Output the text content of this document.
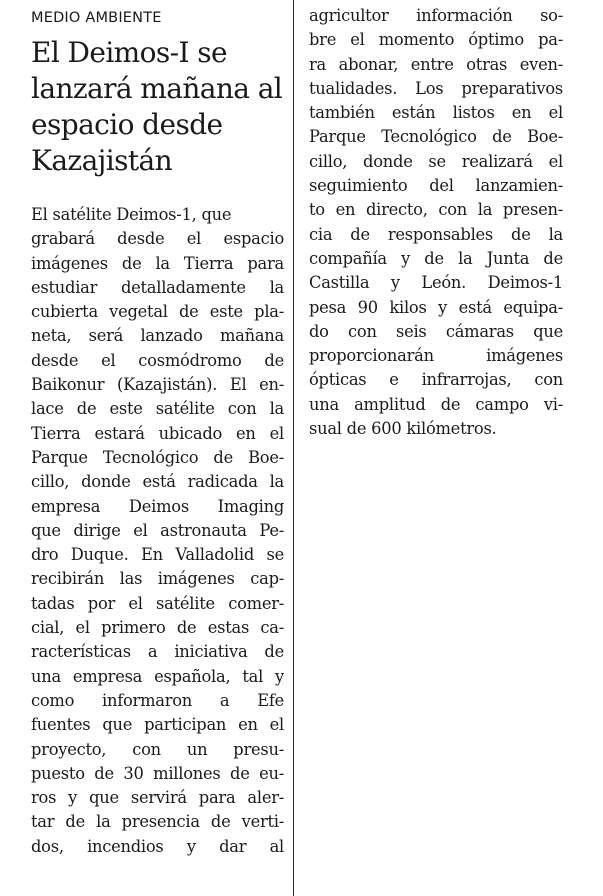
MEDIO AMBIENTE

El Deimos-I se
lanzará mañana al
espacio desde
Kazajistán

El satélite Deimos-1, que
grabará desde el espacio
imágenes de la Tierra para
estudiar detalladamente la
cubierta vegetal de este pla-
neta, será lanzado mañana
desde el cosmódromo de
Baikonur (Kazajistán). El en-
lace de este satélite con la
Tierra estará ubicado en el
Parque Tecnológico de Boe-
cillo, donde está radicada la
empresa Deimos Imaging
que dirige el astronauta Pe-
dro Duque. En Valladolid se
recibirán las imágenes cap-
tadas por el satélite comer-
cial, el primero de estas ca-
racterísticas a iniciativa de
una empresa española, tal y
como informaron a Efe
fuentes que participan en el
proyecto, con un presu-
puesto de 30 millones de eu-
ros y que servirá para aler-
tar de la presencia de verti-
dos, incendios y dar al

agricultor información so-
bre el momento óptimo pa-
ra abonar, entre otras even-
tualidades. Los preparativos
también están listos en el
Parque Tecnológico de Boe-
cillo, donde se realizará el
seguimiento del lanzamien-
to en directo, con la presen-
cia de responsables de la
compañía y de la Junta de
Castilla y León. Deimos-1
pesa 90 kilos y está equipa-
do con seis cámaras que
proporcionarán imágenes
ópticas e infrarrojas, con
una amplitud de campo vi-
sual de 600 kilómetros.
